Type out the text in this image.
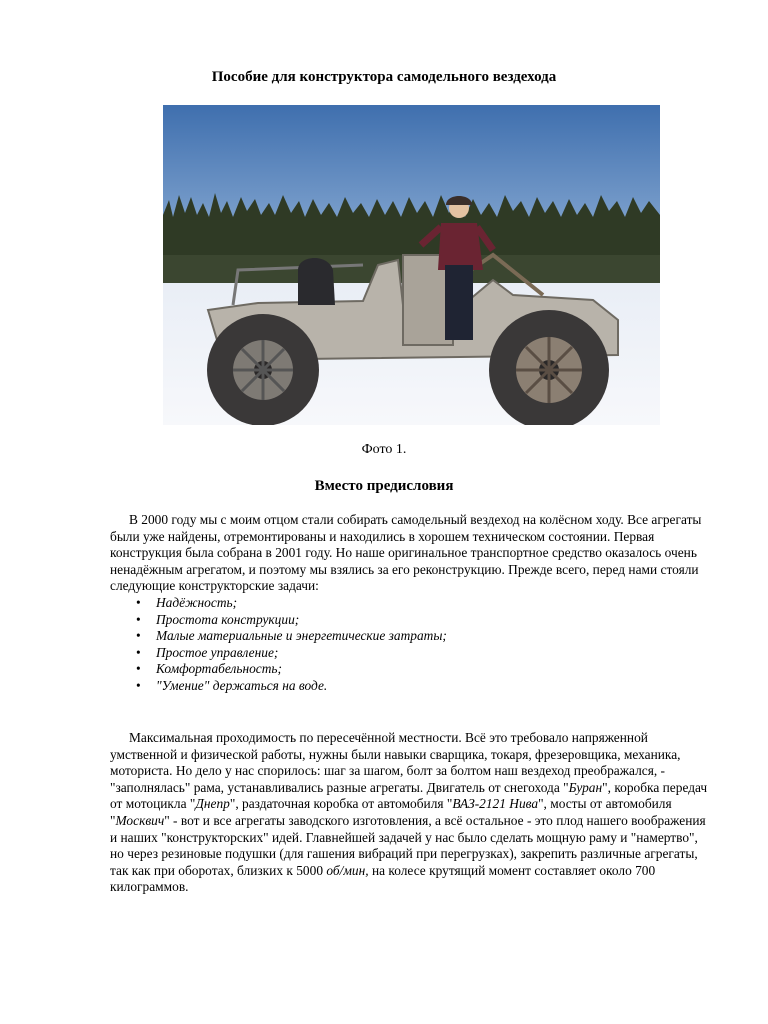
Пособие для конструктора самодельного вездехода
Фото 1.
Вместо предисловия

В 2000 году мы с моим отцом стали собирать самодельный вездеход на колёсном ходу. Все агрегаты были уже найдены, отремонтированы и находились в хорошем техническом состоянии. Первая конструкция была собрана в 2001 году. Но наше оригинальное транспортное средство оказалось очень ненадёжным агрегатом, и поэтому мы взялись за его реконструкцию. Прежде всего, перед нами стояли следующие конструкторские задачи:

• Надёжность;
• Простота конструкции;
• Малые материальные и энергетические затраты;
• Простое управление;
• Комфортабельность;
• "Умение" держаться на воде.

Максимальная проходимость по пересечённой местности. Всё это требовало напряженной умственной и физической работы, нужны были навыки сварщика, токаря, фрезеровщика, механика, моториста. Но дело у нас спорилось: шаг за шагом, болт за болтом наш вездеход преображался, - "заполнялась" рама, устанавливались разные агрегаты. Двигатель от снегохода "Буран", коробка передач от мотоцикла "Днепр", раздаточная коробка от автомобиля "ВАЗ-2121 Нива", мосты от автомобиля "Москвич" - вот и все агрегаты заводского изготовления, а всё остальное - это плод нашего воображения и наших "конструкторских" идей. Главнейшей задачей у нас было сделать мощную раму и "намертво", но через резиновые подушки (для гашения вибраций при перегрузках), закрепить различные агрегаты, так как при оборотах, близких к 5000 об/мин, на колесе крутящий момент составляет около 700 килограммов.
